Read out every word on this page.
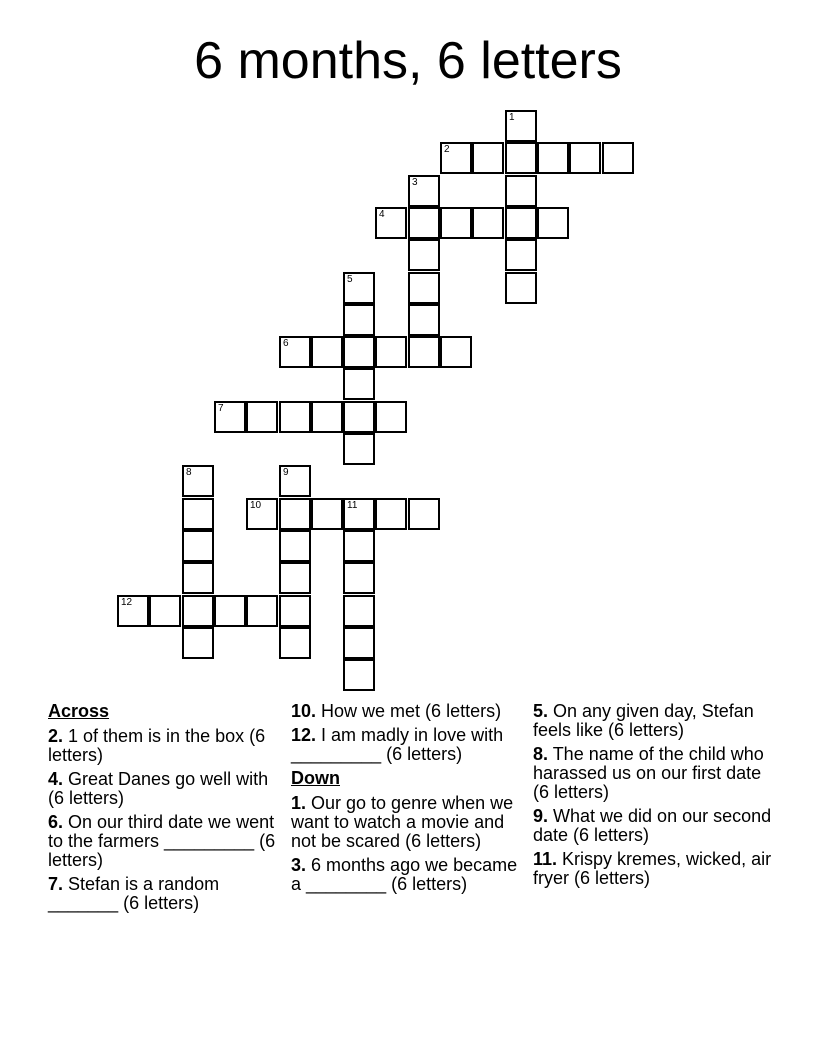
6 months, 6 letters
1
2
3
4
5
6
7
8	9
10	11
12
Across
2. 1 of them is in the box (6 letters)
4. Great Danes go well with (6 letters)
6. On our third date we went to the farmers _________ (6 letters)
7. Stefan is a random _______ (6 letters)
10. How we met (6 letters)
12. I am madly in love with _________ (6 letters)
Down
1. Our go to genre when we want to watch a movie and not be scared (6 letters)
3. 6 months ago we became a ________ (6 letters)
5. On any given day, Stefan feels like (6 letters)
8. The name of the child who harassed us on our first date (6 letters)
9. What we did on our second date (6 letters)
11. Krispy kremes, wicked, air fryer (6 letters)
